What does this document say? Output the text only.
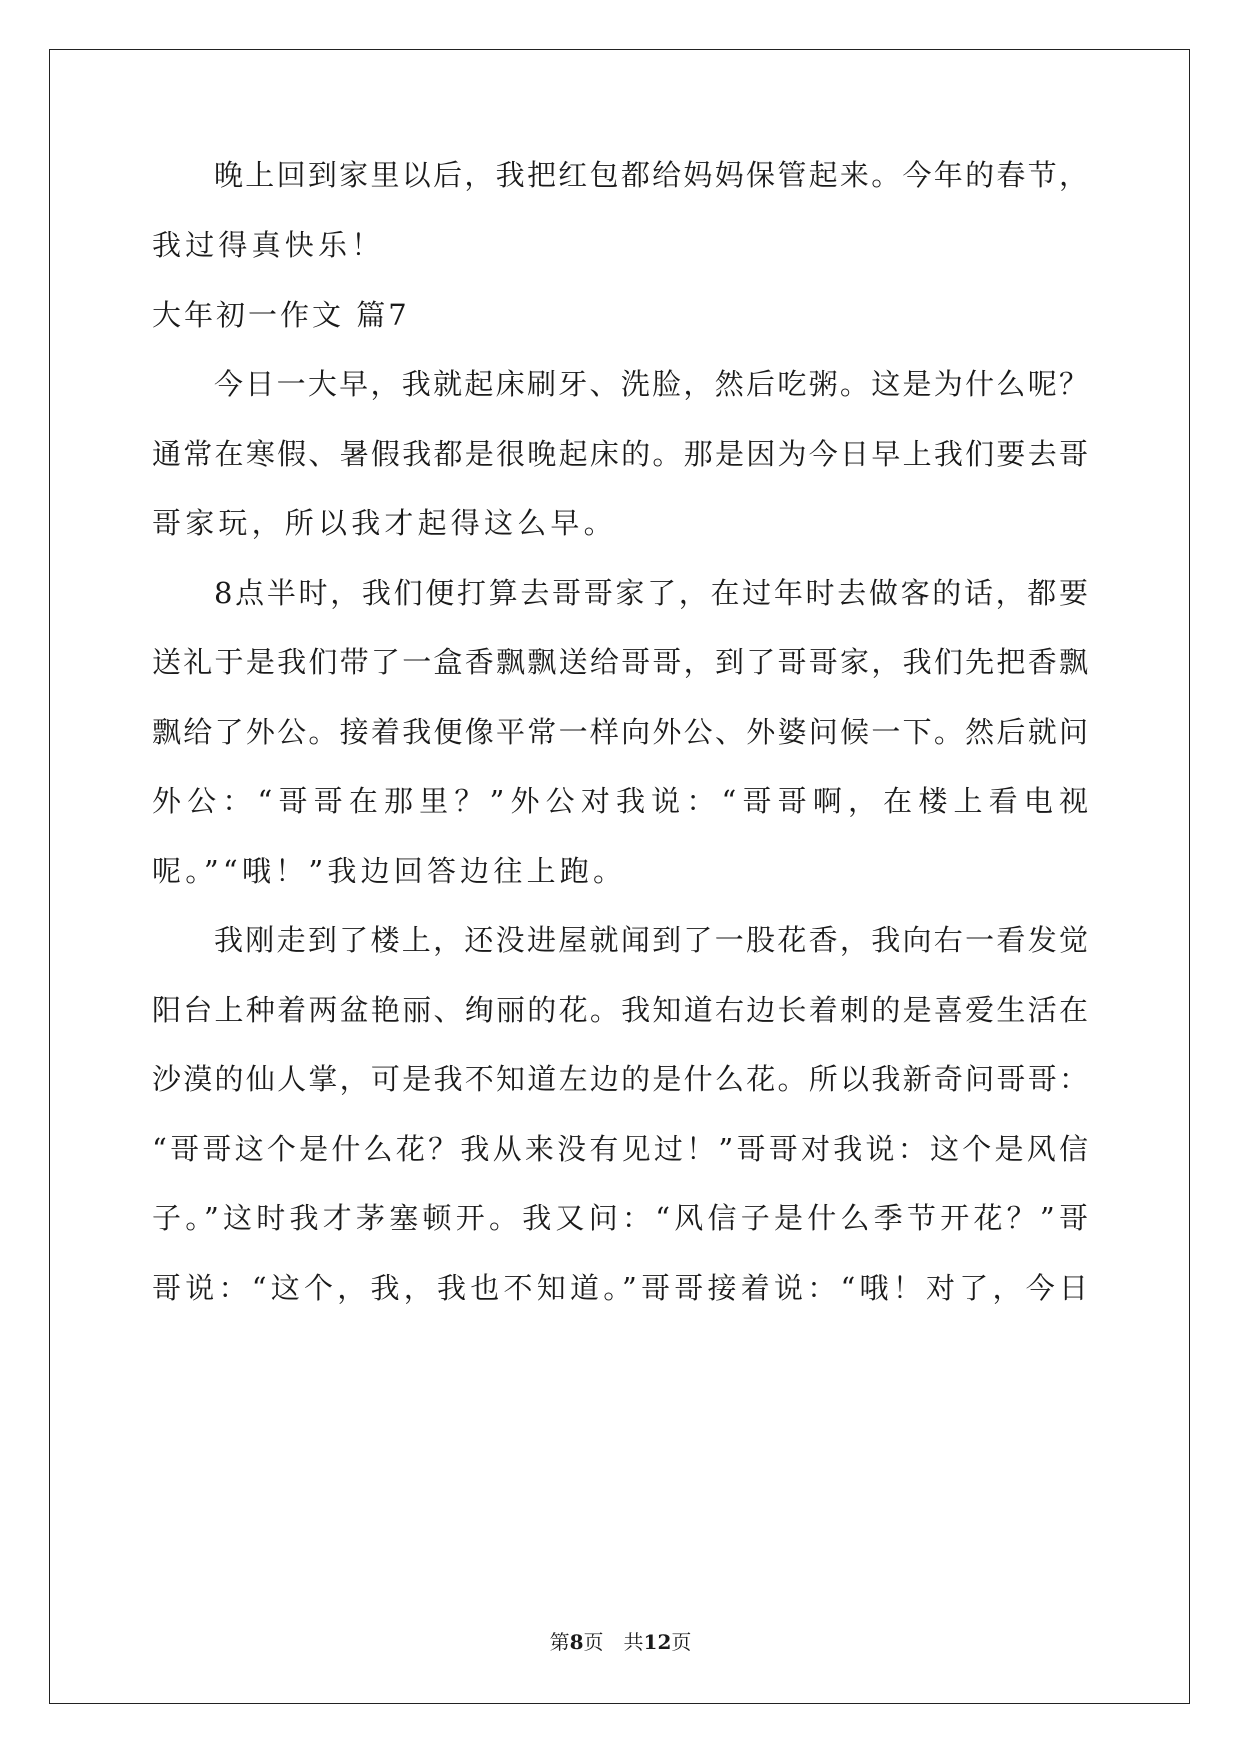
晚上回到家里以后，我把红包都给妈妈保管起来。今年的春节，
我过得真快乐！
大年初一作文 篇7
今日一大早，我就起床刷牙、洗脸，然后吃粥。这是为什么呢？
通常在寒假、暑假我都是很晚起床的。那是因为今日早上我们要去哥
哥家玩，所以我才起得这么早。
8点半时，我们便打算去哥哥家了，在过年时去做客的话，都要
送礼于是我们带了一盒香飘飘送给哥哥，到了哥哥家，我们先把香飘
飘给了外公。接着我便像平常一样向外公、外婆问候一下。然后就问
外公：“哥哥在那里？”外公对我说：“哥哥啊，在楼上看电视
呢。”“哦！”我边回答边往上跑。
我刚走到了楼上，还没进屋就闻到了一股花香，我向右一看发觉
阳台上种着两盆艳丽、绚丽的花。我知道右边长着刺的是喜爱生活在
沙漠的仙人掌，可是我不知道左边的是什么花。所以我新奇问哥哥：
“哥哥这个是什么花？我从来没有见过！”哥哥对我说：这个是风信
子。”这时我才茅塞顿开。我又问：“风信子是什么季节开花？”哥
哥说：“这个，我，我也不知道。”哥哥接着说：“哦！对了，今日
第8页　共12页
